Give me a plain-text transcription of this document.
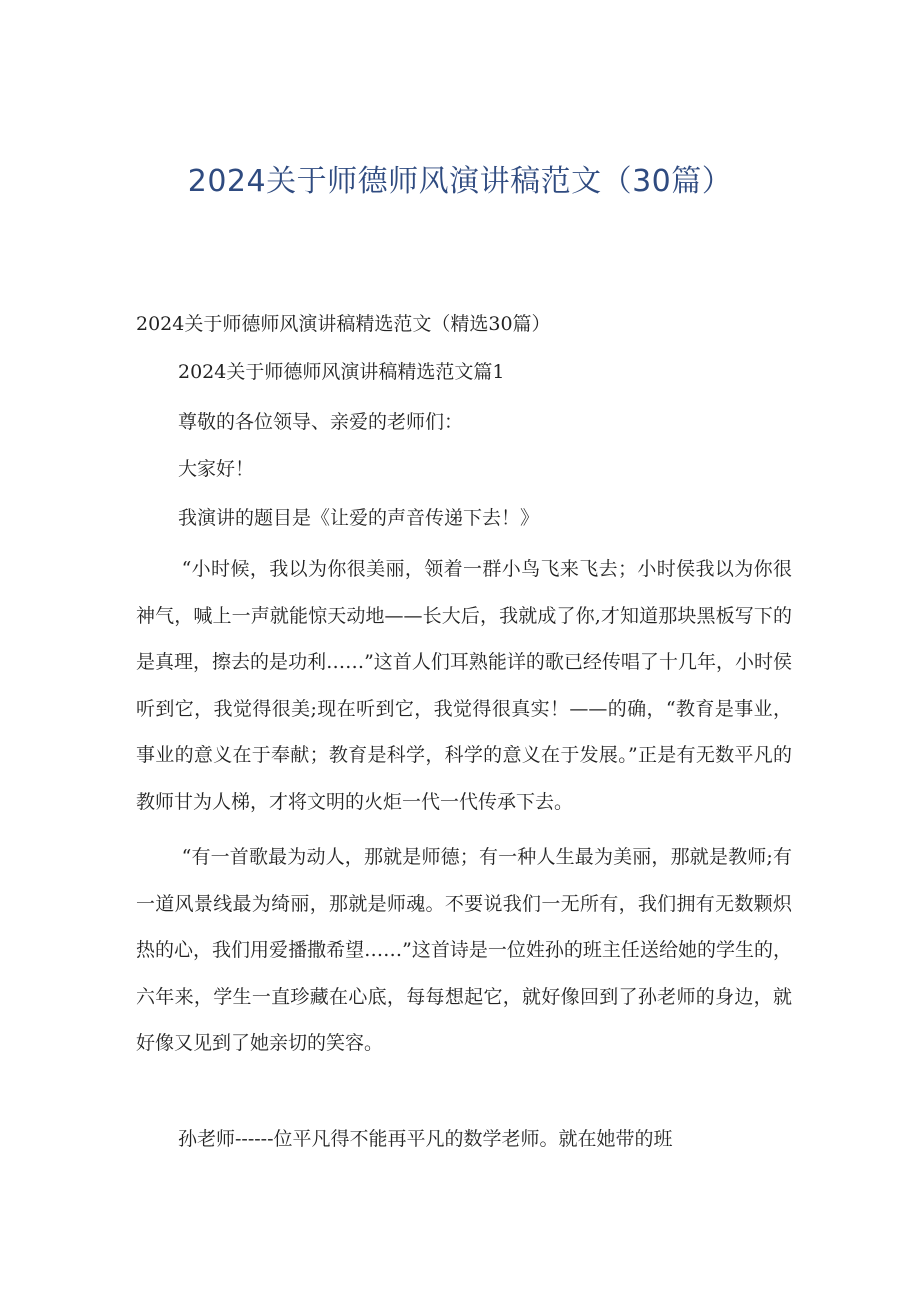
2024关于师德师风演讲稿范文（30篇）

2024关于师德师风演讲稿精选范文（精选30篇）

2024关于师德师风演讲稿精选范文篇1

尊敬的各位领导、亲爱的老师们：

大家好！

我演讲的题目是《让爱的声音传递下去！》

“小时候，我以为你很美丽，领着一群小鸟飞来飞去；小时侯我以为你很神气，喊上一声就能惊天动地——长大后，我就成了你,才知道那块黑板写下的是真理，擦去的是功利……”这首人们耳熟能详的歌已经传唱了十几年，小时侯听到它，我觉得很美;现在听到它，我觉得很真实！——的确，“教育是事业，事业的意义在于奉献；教育是科学，科学的意义在于发展。”正是有无数平凡的教师甘为人梯，才将文明的火炬一代一代传承下去。

“有一首歌最为动人，那就是师德；有一种人生最为美丽，那就是教师;有一道风景线最为绮丽，那就是师魂。不要说我们一无所有，我们拥有无数颗炽热的心，我们用爱播撒希望……”这首诗是一位姓孙的班主任送给她的学生的，六年来，学生一直珍藏在心底，每每想起它，就好像回到了孙老师的身边，就好像又见到了她亲切的笑容。

孙老师------位平凡得不能再平凡的数学老师。就在她带的班
